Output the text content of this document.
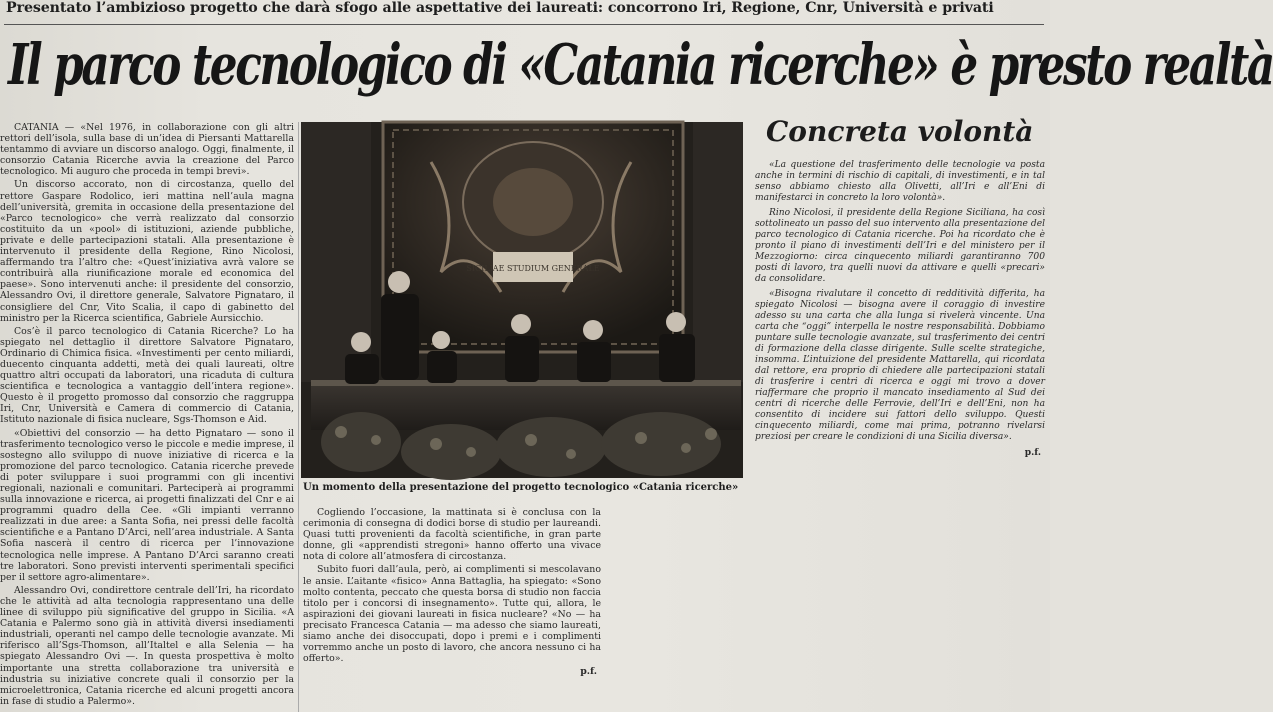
Presentato l’ambizioso progetto che darà sfogo alle aspettative dei laureati: concorrono Iri, Regione, Cnr, Università e privati
Il parco tecnologico di «Catania ricerche» è presto realtà

CATANIA — «Nel 1976, in collaborazione con gli altri rettori dell’isola, sulla base di un’idea di Piersanti Mattarella tentammo di avviare un discorso analogo. Oggi, finalmente, il consorzio Catania Ricerche avvia la creazione del Parco tecnologico. Mi auguro che proceda in tempi brevi».

Un discorso accorato, non di circostanza, quello del rettore Gaspare Rodolico, ieri mattina nell’aula magna dell’università, gremita in occasione della presentazione del «Parco tecnologico» che verrà realizzato dal consorzio costituito da un «pool» di istituzioni, aziende pubbliche, private e delle partecipazioni statali. Alla presentazione è intervenuto il presidente della Regione, Rino Nicolosi, affermando tra l’altro che: «Quest’iniziativa avrà valore se contribuirà alla riunificazione morale ed economica del paese». Sono intervenuti anche: il presidente del consorzio, Alessandro Ovi, il direttore generale, Salvatore Pignataro, il consigliere del Cnr, Vito Scalia, il capo di gabinetto del ministro per la Ricerca scientifica, Gabriele Aursicchio.

Cos’è il parco tecnologico di Catania Ricerche? Lo ha spiegato nel dettaglio il direttore Salvatore Pignataro, Ordinario di Chimica fisica. «Investimenti per cento miliardi, duecento cinquanta addetti, metà dei quali laureati, oltre quattro altri occupati da laboratori, una ricaduta di cultura scientifica e tecnologica a vantaggio dell’intera regione». Questo è il progetto promosso dal consorzio che raggruppa Iri, Cnr, Università e Camera di commercio di Catania, Istituto nazionale di fisica nucleare, Sgs-Thomson e Aid.

«Obiettivi del consorzio — ha detto Pignataro — sono il trasferimento tecnologico verso le piccole e medie imprese, il sostegno allo sviluppo di nuove iniziative di ricerca e la promozione del parco tecnologico. Catania ricerche prevede di poter sviluppare i suoi programmi con gli incentivi regionali, nazionali e comunitari. Parteciperà ai programmi sulla innovazione e ricerca, ai progetti finalizzati del Cnr e ai programmi quadro della Cee. «Gli impianti verranno realizzati in due aree: a Santa Sofia, nei pressi delle facoltà scientifiche e a Pantano D’Arci, nell’area industriale. A Santa Sofia nascerà il centro di ricerca per l’innovazione tecnologica nelle imprese. A Pantano D’Arci saranno creati tre laboratori. Sono previsti interventi sperimentali specifici per il settore agro-alimentare».

Alessandro Ovi, condirettore centrale dell’Iri, ha ricordato che le attività ad alta tecnologia rappresentano una delle linee di sviluppo più significative del gruppo in Sicilia. «A Catania e Palermo sono già in attività diversi insediamenti industriali, operanti nel campo delle tecnologie avanzate. Mi riferisco all’Sgs-Thomson, all’Italtel e alla Selenia — ha spiegato Alessandro Ovi —. In questa prospettiva è molto importante una stretta collaborazione tra università e industria su iniziative concrete quali il consorzio per la microelettronica, Catania ricerche ed alcuni progetti ancora in fase di studio a Palermo».

SICILIAE STUDIUM GENERALE
Un momento della presentazione del progetto tecnologico «Catania ricerche»

Cogliendo l’occasione, la mattinata si è conclusa con la cerimonia di consegna di dodici borse di studio per laureandi. Quasi tutti provenienti da facoltà scientifiche, in gran parte donne, gli «apprendisti stregoni» hanno offerto una vivace nota di colore all’atmosfera di circostanza.

Subito fuori dall’aula, però, ai complimenti si mescolavano le ansie. L’aitante «fisico» Anna Battaglia, ha spiegato: «Sono molto contenta, peccato che questa borsa di studio non faccia titolo per i concorsi di insegnamento». Tutte qui, allora, le aspirazioni dei giovani laureati in fisica nucleare? «No — ha precisato Francesca Catania — ma adesso che siamo laureati, siamo anche dei disoccupati, dopo i premi e i complimenti vorremmo anche un posto di lavoro, che ancora nessuno ci ha offerto».

p.f.
Concreta volontà

«La questione del trasferimento delle tecnologie va posta anche in termini di rischio di capitali, di investimenti, e in tal senso abbiamo chiesto alla Olivetti, all’Iri e all’Eni di manifestarci in concreto la loro volontà».

Rino Nicolosi, il presidente della Regione Siciliana, ha così sottolineato un passo del suo intervento alla presentazione del parco tecnologico di Catania ricerche. Poi ha ricordato che è pronto il piano di investimenti dell’Iri e del ministero per il Mezzogiorno: circa cinquecento miliardi garantiranno 700 posti di lavoro, tra quelli nuovi da attivare e quelli «precari» da consolidare.

«Bisogna rivalutare il concetto di redditività differita, ha spiegato Nicolosi — bisogna avere il coraggio di investire adesso su una carta che alla lunga si rivelerà vincente. Una carta che “oggi” interpella le nostre responsabilità. Dobbiamo puntare sulle tecnologie avanzate, sul trasferimento dei centri di formazione della classe dirigente. Sulle scelte strategiche, insomma. L’intuizione del presidente Mattarella, qui ricordata dal rettore, era proprio di chiedere alle partecipazioni statali di trasferire i centri di ricerca e oggi mi trovo a dover riaffermare che proprio il mancato insediamento al Sud dei centri di ricerche delle Ferrovie, dell’Iri e dell’Eni, non ha consentito di incidere sui fattori dello sviluppo. Questi cinquecento miliardi, come mai prima, potranno rivelarsi preziosi per creare le condizioni di una Sicilia diversa».

p.f.
